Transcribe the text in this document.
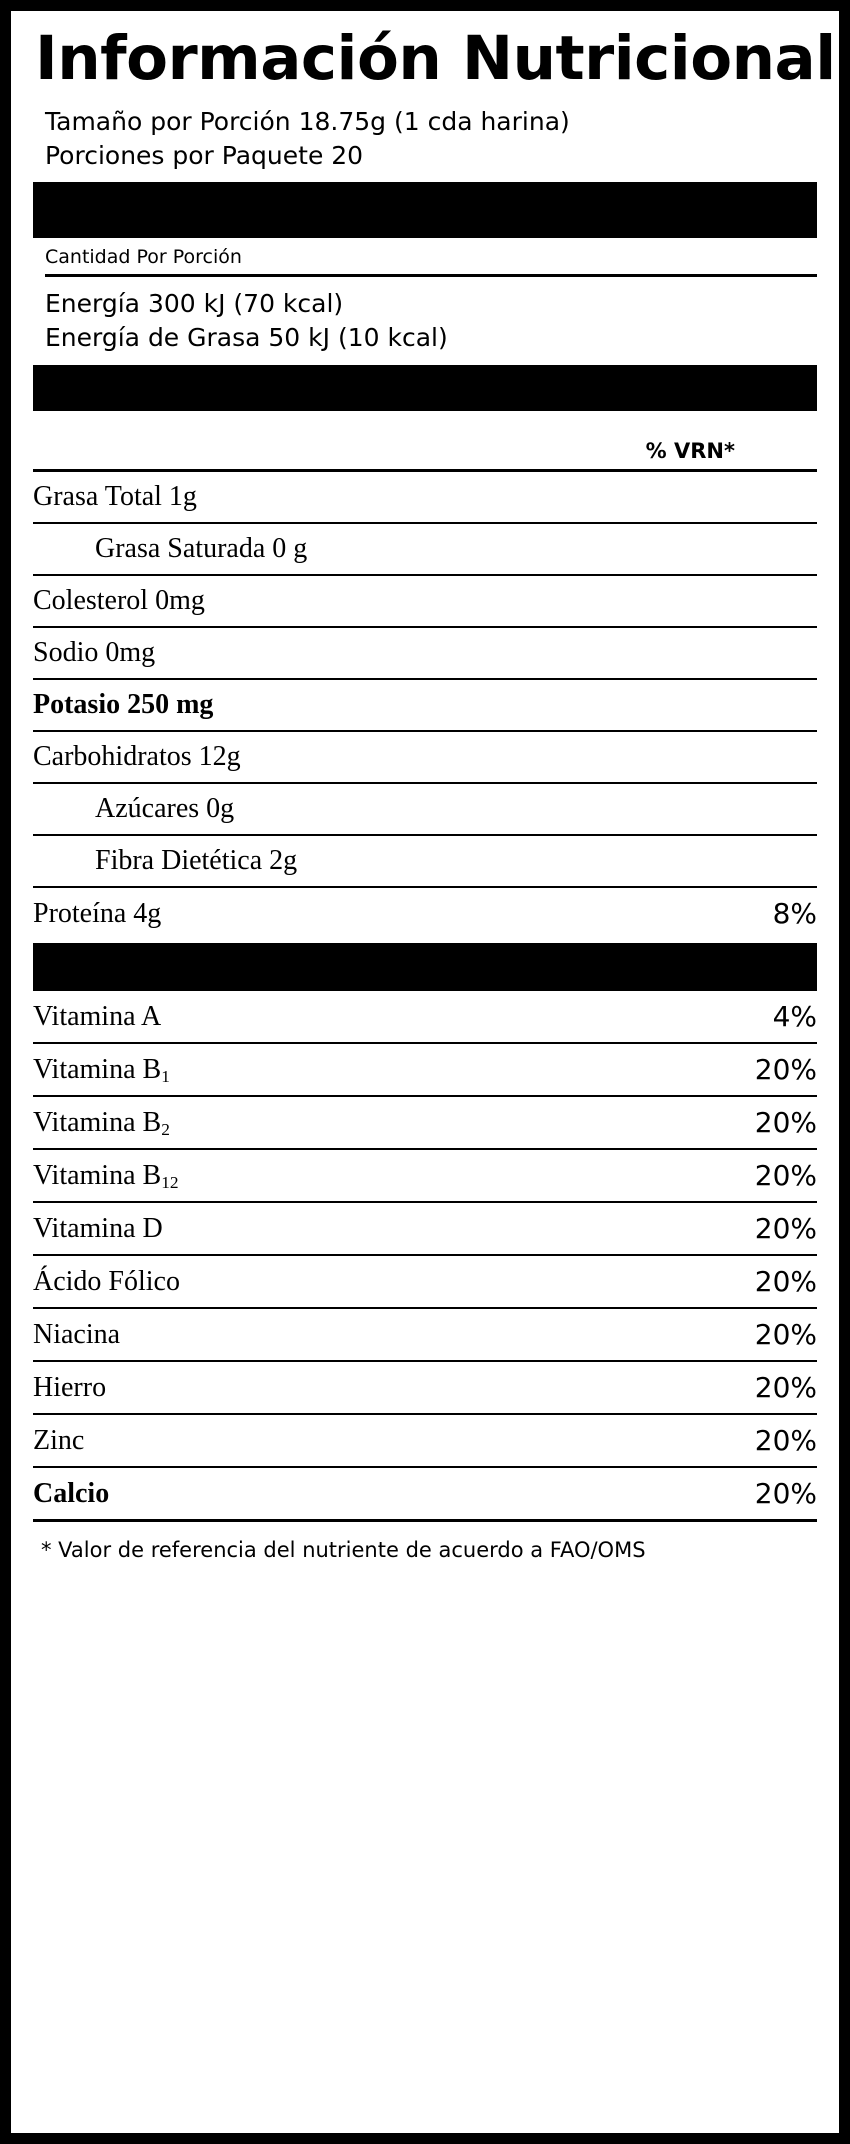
Información Nutricional
Tamaño por Porción 18.75g (1 cda harina)
Porciones por Paquete 20
Cantidad Por Porción
Energía 300 kJ (70 kcal)
Energía de Grasa 50 kJ (10 kcal)
% VRN*
Grasa Total 1g	
Grasa Saturada 0 g	
Colesterol 0mg	
Sodio 0mg	
Potasio 250 mg	
Carbohidratos 12g	
Azúcares 0g	
Fibra Dietética 2g	
Proteína 4g	8%
Vitamina A	4%
Vitamina B1	20%
Vitamina B2	20%
Vitamina B12	20%
Vitamina D	20%
Ácido Fólico	20%
Niacina	20%
Hierro	20%
Zinc	20%
Calcio	20%
* Valor de referencia del nutriente de acuerdo a FAO/OMS
